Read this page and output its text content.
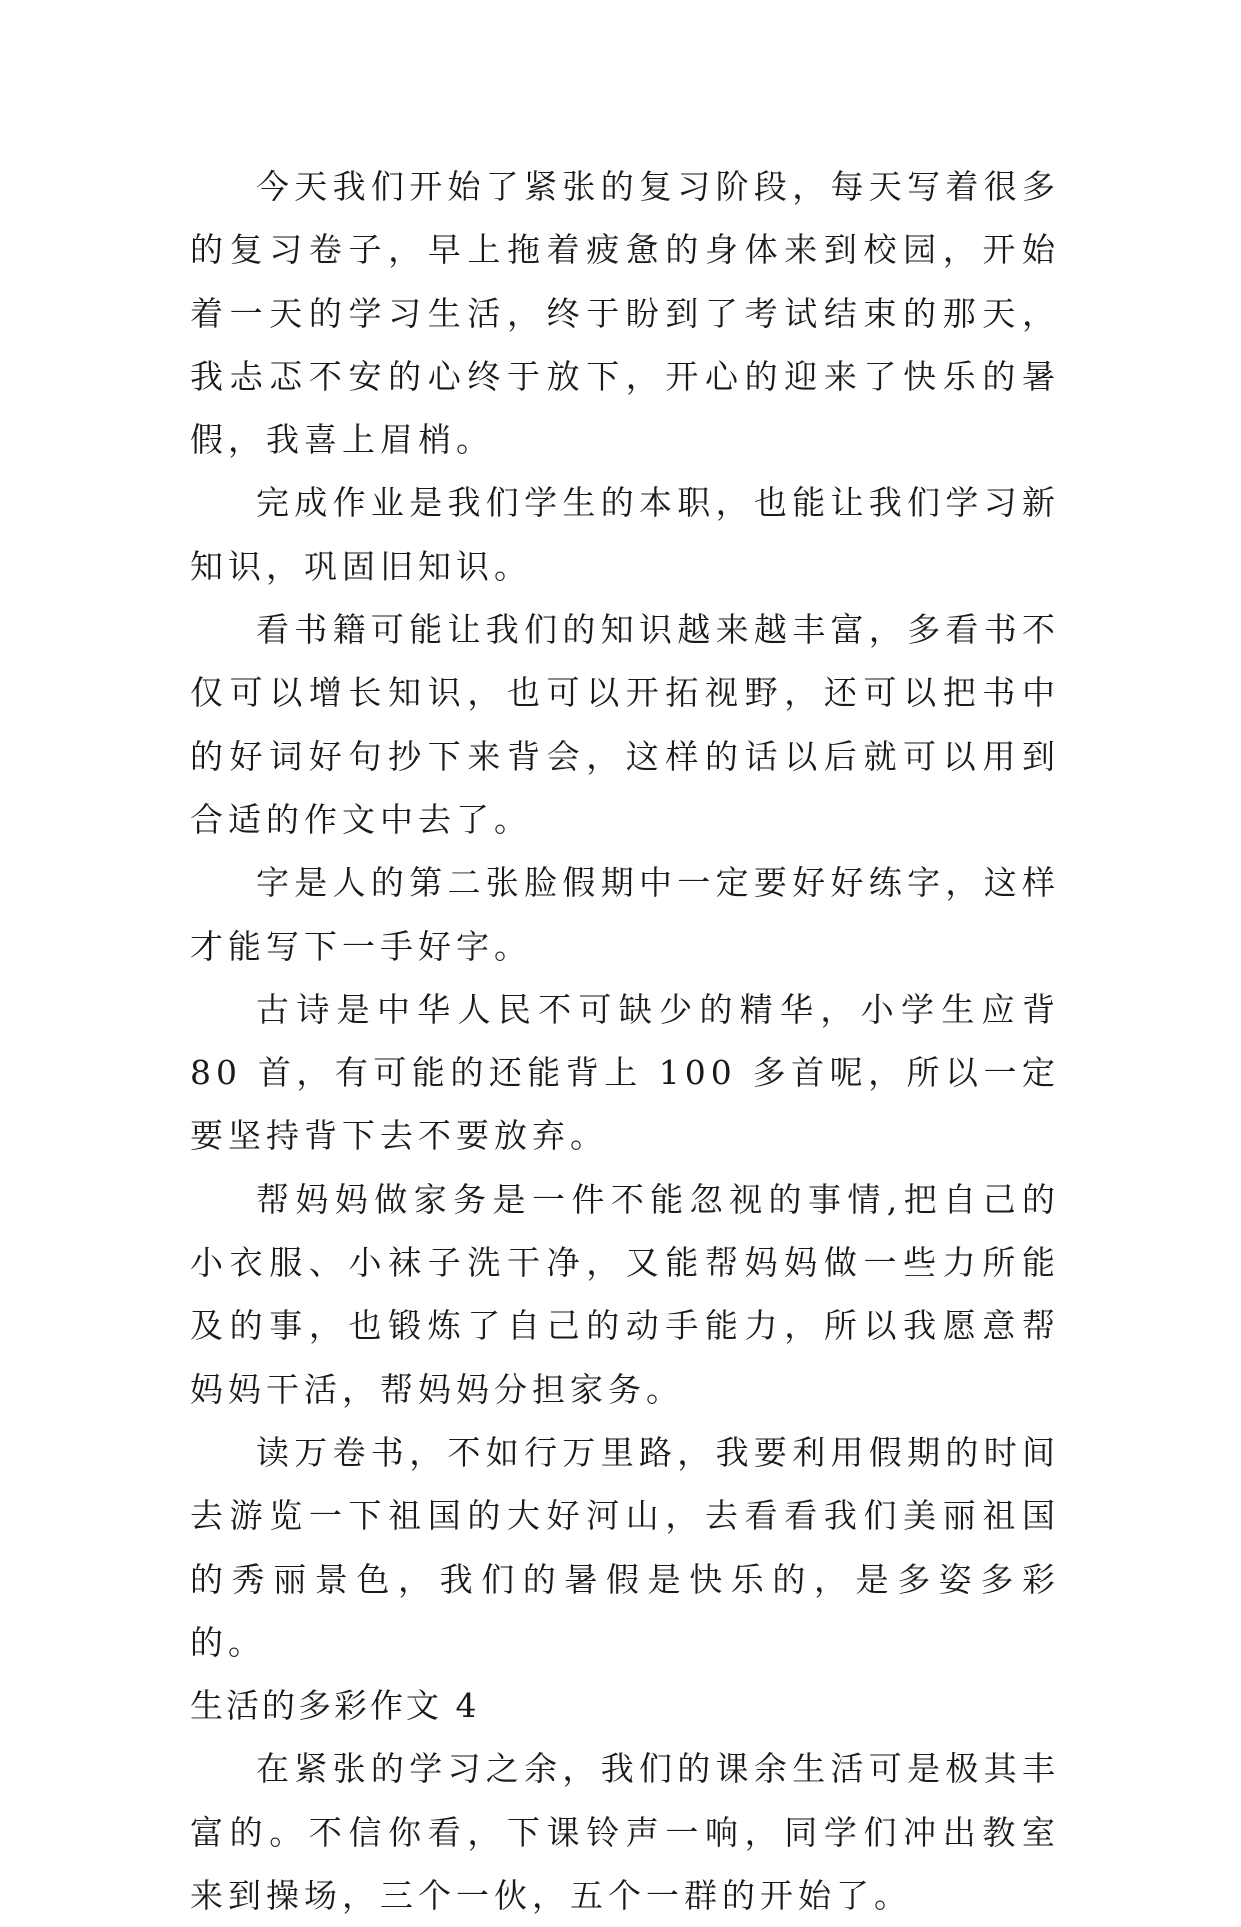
今天我们开始了紧张的复习阶段，每天写着很多的复习卷子，早上拖着疲惫的身体来到校园，开始着一天的学习生活，终于盼到了考试结束的那天，我忐忑不安的心终于放下，开心的迎来了快乐的暑假，我喜上眉梢。

完成作业是我们学生的本职，也能让我们学习新知识，巩固旧知识。

看书籍可能让我们的知识越来越丰富，多看书不仅可以增长知识，也可以开拓视野，还可以把书中的好词好句抄下来背会，这样的话以后就可以用到合适的作文中去了。

字是人的第二张脸假期中一定要好好练字，这样才能写下一手好字。

古诗是中华人民不可缺少的精华，小学生应背 80 首，有可能的还能背上 100 多首呢，所以一定要坚持背下去不要放弃。

帮妈妈做家务是一件不能忽视的事情,把自己的小衣服、小袜子洗干净，又能帮妈妈做一些力所能及的事，也锻炼了自己的动手能力，所以我愿意帮妈妈干活，帮妈妈分担家务。

读万卷书，不如行万里路，我要利用假期的时间去游览一下祖国的大好河山，去看看我们美丽祖国的秀丽景色，我们的暑假是快乐的，是多姿多彩的。

生活的多彩作文 4

在紧张的学习之余，我们的课余生活可是极其丰富的。不信你看，下课铃声一响，同学们冲出教室来到操场，三个一伙，五个一群的开始了。
